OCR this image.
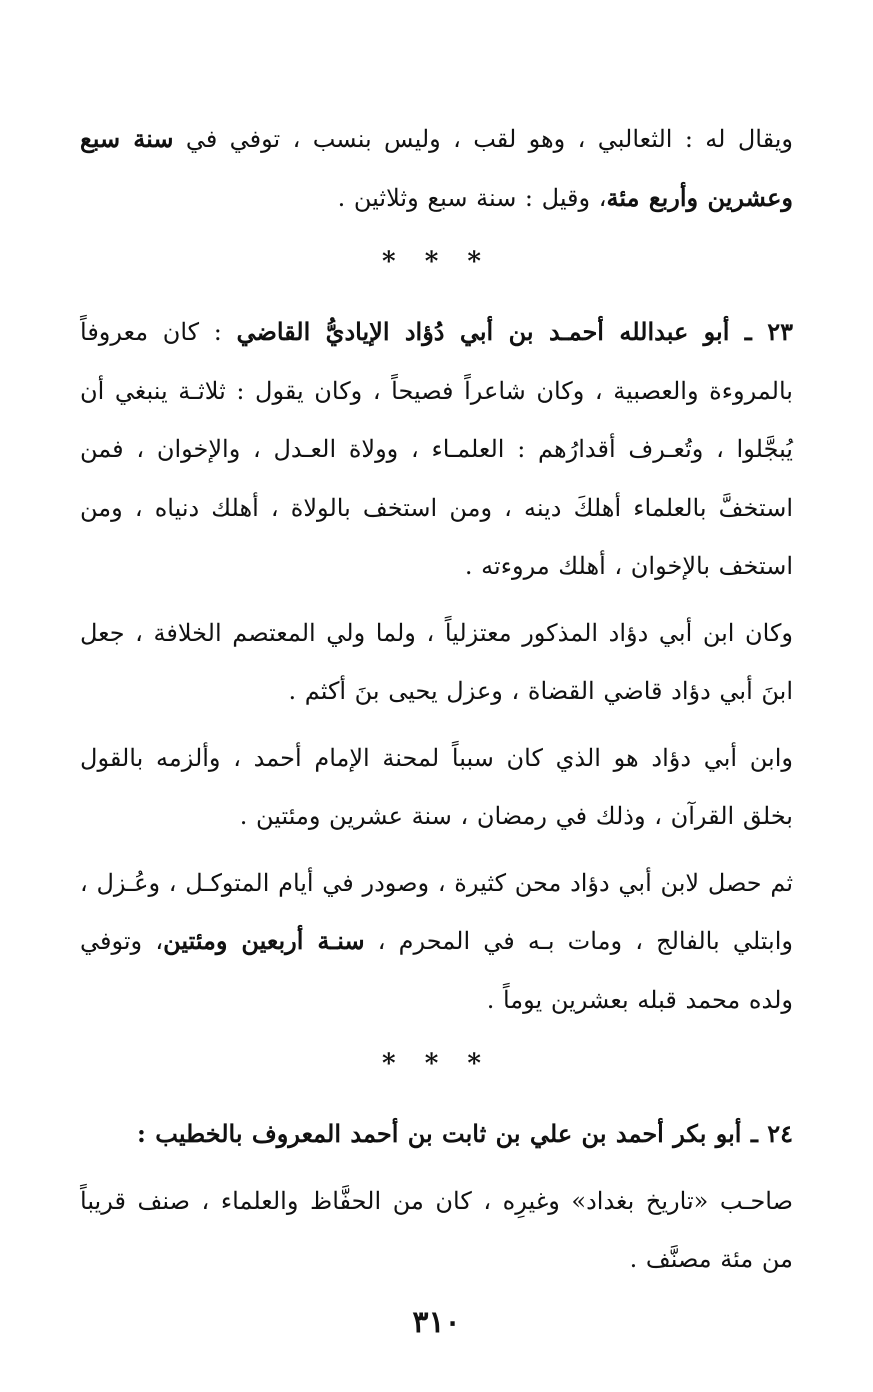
ويقال له : الثعالبي ، وهو لقب ، وليس بنسب ، توفي في سنة سبع وعشرين وأربع مئة، وقيل : سنة سبع وثلاثين .

* * *

٢٣ ـ أبو عبدالله أحمـد بن أبي دُؤاد الإياديُّ القاضي : كان معروفاً بالمروءة والعصبية ، وكان شاعراً فصيحاً ، وكان يقول : ثلاثـة ينبغي أن يُبجَّلوا ، وتُعـرف أقدارُهم : العلمـاء ، وولاة العـدل ، والإخوان ، فمن استخفَّ بالعلماء أهلكَ دينه ، ومن استخف بالولاة ، أهلك دنياه ، ومن استخف بالإخوان ، أهلك مروءته .

وكان ابن أبي دؤاد المذكور معتزلياً ، ولما ولي المعتصم الخلافة ، جعل ابنَ أبي دؤاد قاضي القضاة ، وعزل يحيى بنَ أكثم .

وابن أبي دؤاد هو الذي كان سبباً لمحنة الإمام أحمد ، وألزمه بالقول بخلق القرآن ، وذلك في رمضان ، سنة عشرين ومئتين .

ثم حصل لابن أبي دؤاد محن كثيرة ، وصودر في أيام المتوكـل ، وعُـزل ، وابتلي بالفالج ، ومات بـه في المحرم ، سنـة أربعين ومئتين، وتوفي ولده محمد قبله بعشرين يوماً .

* * *

٢٤ ـ أبو بكر أحمد بن علي بن ثابت بن أحمد المعروف بالخطيب :

صاحـب «تاريخ بغداد» وغيرِه ، كان من الحفَّاظ والعلماء ، صنف قريباً من مئة مصنَّف .

٣١٠
